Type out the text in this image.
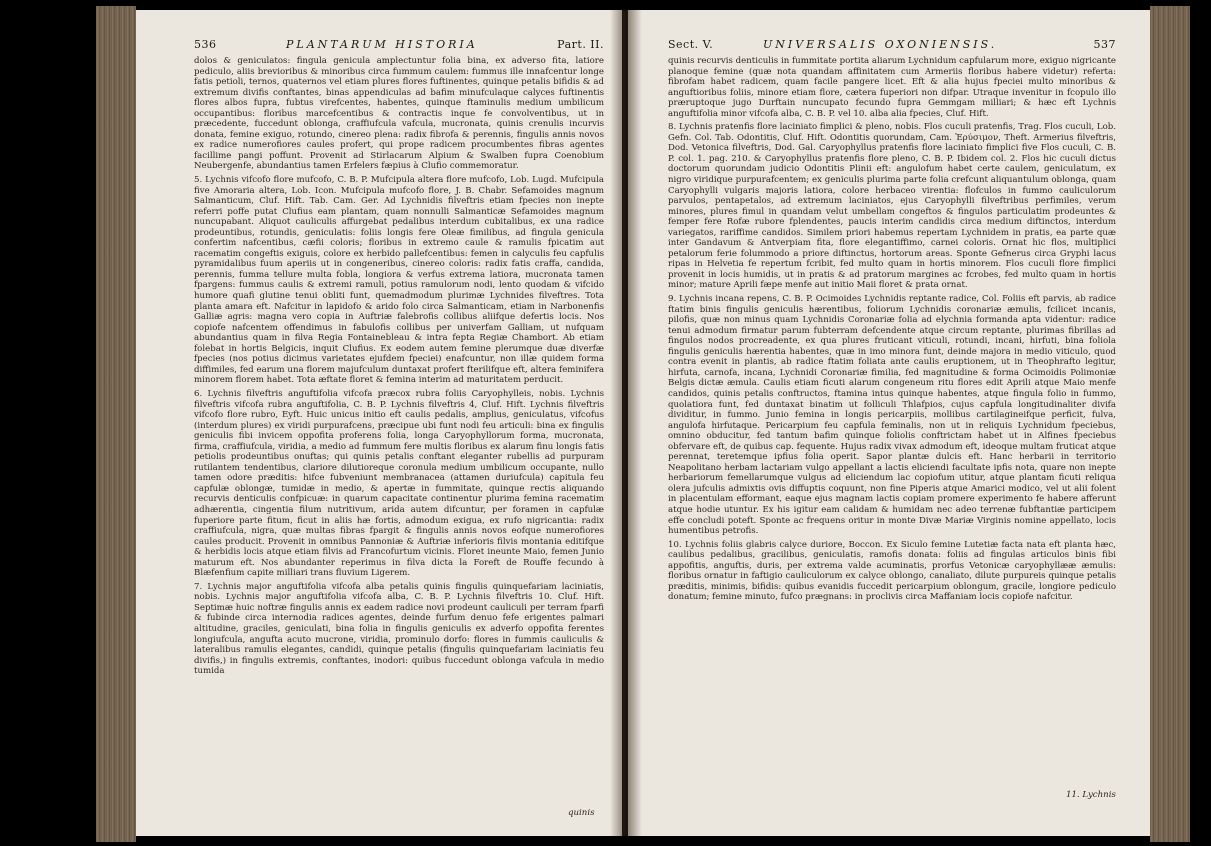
536	PLANTARUM HISTORIA	Part. II.

dolos & geniculatos: fingula genicula amplectuntur folia bina, ex adverso fita, latiore pediculo, aliis brevioribus & minoribus circa fummum caulem: fummus ille innafcentur longe fatis petioli, ternos, quaternos vel etiam plures flores fuftinentes, quinque petalis bifidis & ad extremum divifis conftantes, binas appendiculas ad bafim minufculaque calyces fuftinentis flores albos fupra, fubtus virefcentes, habentes, quinque ftaminulis medium umbilicum occupantibus: floribus marcefcentibus & contractis inque fe convolventibus, ut in præcedente, fuccedunt oblonga, craffiufcula vafcula, mucronata, quinis crenulis incurvis donata, femine exiguo, rotundo, cinereo plena: radix fibrofa & perennis, fingulis annis novos ex radice numerofiores caules profert, qui prope radicem procumbentes fibras agentes facillime pangi poffunt. Provenit ad Stirlacarum Alpium & Swalben fupra Coenobium Neubergenfe, abundantius tamen Erfelers fæpius à Clufio commemoratur.

5. Lychnis vifcofo flore mufcofo, C. B. P. Mufcipula altera flore mufcofo, Lob. Lugd. Mufcipula five Amoraria altera, Lob. Icon. Mufcipula mufcofo flore, J. B. Chabr. Sefamoides magnum Salmanticum, Cluf. Hift. Tab. Cam. Ger. Ad Lychnidis filveftris etiam fpecies non inepte referri poffe putat Clufius eam plantam, quam nonnulli Salmanticæ Sefamoides magnum nuncupabant. Aliquot cauliculis affurgebat pedalibus interdum cubitalibus, ex una radice prodeuntibus, rotundis, geniculatis: foliis longis fere Oleæ fimilibus, ad fingula genicula confertim nafcentibus, cæfii coloris; floribus in extremo caule & ramulis fpicatim aut racematim congeftis exiguis, colore ex herbido pallefcentibus: femen in calyculis feu capfulis pyramidalibus fuum aperiis ut in congeneribus, cinereo coloris: radix fatis craffa, candida, perennis, fumma tellure multa fobla, longiora & verfus extrema latiora, mucronata tamen fpargens: fummus caulis & extremi ramuli, potius ramulorum nodi, lento quodam & vifcido humore quafi glutine tenui obliti funt, quemadmodum plurimæ Lychnides filveftres. Tota planta amara eft. Nafcitur in lapidofo & arido folo circa Salmanticam, etiam in Narbonenfis Galliæ agris: magna vero copia in Auftriæ falebrofis collibus aliifque defertis locis. Nos copiofe nafcentem offendimus in fabulofis collibus per univerfam Galliam, ut nufquam abundantius quam in filva Regia Fontainebleau & intra fepta Regiæ Chambort. Ab etiam folebat in hortis Belgicis, inquit Clufius. Ex eodem autem femine plerumque duæ diverfæ fpecies (nos potius dicimus varietates ejufdem fpeciei) enafcuntur, non illæ quidem forma diffimiles, fed earum una florem majufculum duntaxat profert fterilifque eft, altera feminifera minorem florem habet. Tota æftate floret & femina interim ad maturitatem perducit.

6. Lychnis filveftris anguftifolia vifcofa præcox rubra foliis Caryophylleis, nobis. Lychnis filveftris vifcofa rubra anguftifolia, C. B. P. Lychnis filveftris 4, Cluf. Hift. Lychnis filveftris vifcofo flore rubro, Eyft. Huic unicus initio eft caulis pedalis, amplius, geniculatus, vifcofus (interdum plures) ex viridi purpurafcens, præcipue ubi funt nodi feu articuli: bina ex fingulis geniculis fibi invicem oppofita proferens folia, longa Caryophyllorum forma, mucronata, firma, craffiufcula, viridia, a medio ad fummum fere multis floribus ex alarum finu longis fatis petiolis prodeuntibus onuftas; qui quinis petalis conftant eleganter rubellis ad purpuram rutilantem tendentibus, clariore dilutioreque coronula medium umbilicum occupante, nullo tamen odore præditis: hifce fubveniunt membranacea (attamen duriufcula) capitula feu capfulæ oblongæ, tumidæ in medio, & apertæ in fummitate, quinque rectis aliquando recurvis denticulis confpicuæ: in quarum capacitate continentur plurima femina racematim adhærentia, cingentia filum nutritivum, arida autem difcuntur, per foramen in capfulæ fuperiore parte fitum, ficut in aliis hæ fortis, admodum exigua, ex rufo nigricantia: radix craffiufcula, nigra, quæ multas fibras fpargit & fingulis annis novos eofque numerofiores caules producit. Provenit in omnibus Pannoniæ & Auftriæ inferioris filvis montania editifque & herbidis locis atque etiam filvis ad Francofurtum vicinis. Floret ineunte Maio, femen Junio maturum eft. Nos abundanter reperimus in filva dicta la Foreft de Rouffe fecundo à Blæfenfium capite milliari trans fluvium Ligerem.

7. Lychnis major anguftifolia vifcofa alba petalis quinis fingulis quinquefariam laciniatis, nobis. Lychnis major anguftifolia vifcofa alba, C. B. P. Lychnis filveftris 10. Cluf. Hift. Septimæ huic noftræ fingulis annis ex eadem radice novi prodeunt cauliculi per terram fparfi & fubinde circa internodia radices agentes, deinde furfum denuo fefe erigentes palmari altitudine, graciles, geniculati, bina folia in fingulis geniculis ex adverfo oppofita ferentes longiufcula, angufta acuto mucrone, viridia, prominulo dorfo: flores in fummis cauliculis & lateralibus ramulis elegantes, candidi, quinque petalis (fingulis quinquefariam laciniatis feu divifis,) in fingulis extremis, conftantes, inodori: quibus fuccedunt oblonga vafcula in medio tumida

quinis
Sect. V.	UNIVERSALIS OXONIENSIS.	537

quinis recurvis denticulis in fummitate portita aliarum Lychnidum capfularum more, exiguo nigricante planoque femine (quæ nota quandam affinitatem cum Armeriis floribus habere videtur) referta: fibrofam habet radicem, quam facile pangere licet. Eft & alia hujus fpeciei multo minoribus & anguftioribus foliis, minore etiam flore, cætera fuperiori non difpar. Utraque invenitur in fcopulo illo præruptoque jugo Durftain nuncupato fecundo fupra Gemmgam milliari; & hæc eft Lychnis anguftifolia minor vifcofa alba, C. B. P. vel 10. alba alia fpecies, Cluf. Hift.

8. Lychnis pratenfis flore laciniato fimplici & pleno, nobis. Flos cuculi pratenfis, Trag. Flos cuculi, Lob. Gefn. Col. Tab. Odontitis, Cluf. Hift. Odontitis quorundam, Cam. Ἐρύσιμον, Theft. Armerius filveftris, Dod. Vetonica filveftris, Dod. Gal. Caryophyllus pratenfis flore laciniato fimplici five Flos cuculi, C. B. P. col. 1. pag. 210. & Caryophyllus pratenfis flore pleno, C. B. P. Ibidem col. 2. Flos hic cuculi dictus doctorum quorundam judicio Odontitis Plinii eft: angulofum habet certe caulem, geniculatum, ex nigro viridique purpurafcentem; ex geniculis plurima parte folia crefcunt aliquantulum oblonga, quam Caryophylli vulgaris majoris latiora, colore herbaceo virentia: flofculos in fummo cauliculorum parvulos, pentapetalos, ad extremum laciniatos, ejus Caryophylli filveftribus perfimiles, verum minores, plures fimul in quandam velut umbellam congeftos & fingulos particulatim prodeuntes & femper fere Rofæ rubore fplendentes, paucis interim candidis circa medium diftinctos, interdum variegatos, rariffime candidos. Similem priori habemus repertam Lychnidem in pratis, ea parte quæ inter Gandavum & Antverpiam fita, flore elegantiffimo, carnei coloris. Ornat hic flos, multiplici petalorum ferie folummodo a priore diftinctus, hortorum areas. Sponte Gefnerus circa Gryphi lacus ripas in Helvetia fe repertum fcribit, fed multo quam in hortis minorem. Flos cuculi flore fimplici provenit in locis humidis, ut in pratis & ad pratorum margines ac fcrobes, fed multo quam in hortis minor; mature Aprili fæpe menfe aut initio Maii floret & prata ornat.

9. Lychnis incana repens, C. B. P. Ocimoides Lychnidis reptante radice, Col. Foliis eft parvis, ab radice ftatim binis fingulis geniculis hærentibus, foliorum Lychnidis coronariæ æmulis, fcilicet incanis, pilofis, quæ non minus quam Lychnidis Coronariæ folia ad elychnia formanda apta videntur: radice tenui admodum firmatur parum fubterram defcendente atque circum reptante, plurimas fibrillas ad fingulos nodos procreadente, ex qua plures fruticant viticuli, rotundi, incani, hirfuti, bina foliola fingulis geniculis hærentia habentes, quæ in imo minora funt, deinde majora in medio viticulo, quod contra evenit in plantis, ab radice ftatim foliata ante caulis eruptionem, ut in Theophrafto legitur, hirfuta, carnofa, incana, Lychnidi Coronariæ fimilia, fed magnitudine & forma Ocimoidis Polimoniæ Belgis dictæ æmula. Caulis etiam ficuti alarum congeneum ritu flores edit Aprili atque Maio menfe candidos, quinis petalis conftructos, ftamina intus quinque habentes, atque fingula folio in fummo, quolatiora funt, fed duntaxat binatim ut folliculi Thlafpios, cujus capfula longitudinaliter divifa dividitur, in fummo. Junio femina in longis pericarpiis, mollibus cartilagineifque perficit, fulva, angulofa hirfutaque. Pericarpium feu capfula feminalis, non ut in reliquis Lychnidum fpeciebus, omnino obducitur, fed tantum bafim quinque foliolis conftrictam habet ut in Alfines fpeciebus obfervare eft, de quibus cap. fequente. Hujus radix vivax admodum eft, ideoque multam fruticat atque perennat, teretemque ipfius folia operit. Sapor plantæ dulcis eft. Hanc herbarii in territorio Neapolitano herbam lactariam vulgo appellant a lactis eliciendi facultate ipfis nota, quare non inepte herbariorum femellarumque vulgus ad eliciendum lac copiofum utitur, atque plantam ficuti reliqua olera jufculis admixtis ovis diffuptis coquunt, non fine Piperis atque Amarici modico, vel ut alii folent in placentulam efformant, eaque ejus magnam lactis copiam promere experimento fe habere afferunt atque hodie utuntur. Ex his igitur eam calidam & humidam nec adeo terrenæ fubftantiæ participem effe concludi poteft. Sponte ac frequens oritur in monte Divæ Mariæ Virginis nomine appellato, locis humentibus petrofis.

10. Lychnis foliis glabris calyce duriore, Boccon. Ex Siculo femine Lutetiæ facta nata eft planta hæc, caulibus pedalibus, gracilibus, geniculatis, ramofis donata: foliis ad fingulas articulos binis fibi appofitis, anguftis, duris, per extrema valde acuminatis, prorfus Vetonicæ caryophyllææ æmulis: floribus ornatur in faftigio cauliculorum ex calyce oblongo, canaliato, dilute purpureis quinque petalis præditis, minimis, bifidis: quibus evanidis fuccedit pericarpium oblongum, gracile, longiore pediculo donatum; femine minuto, fufco prægnans: in proclivis circa Maffaniam locis copiofe nafcitur.

11. Lychnis
